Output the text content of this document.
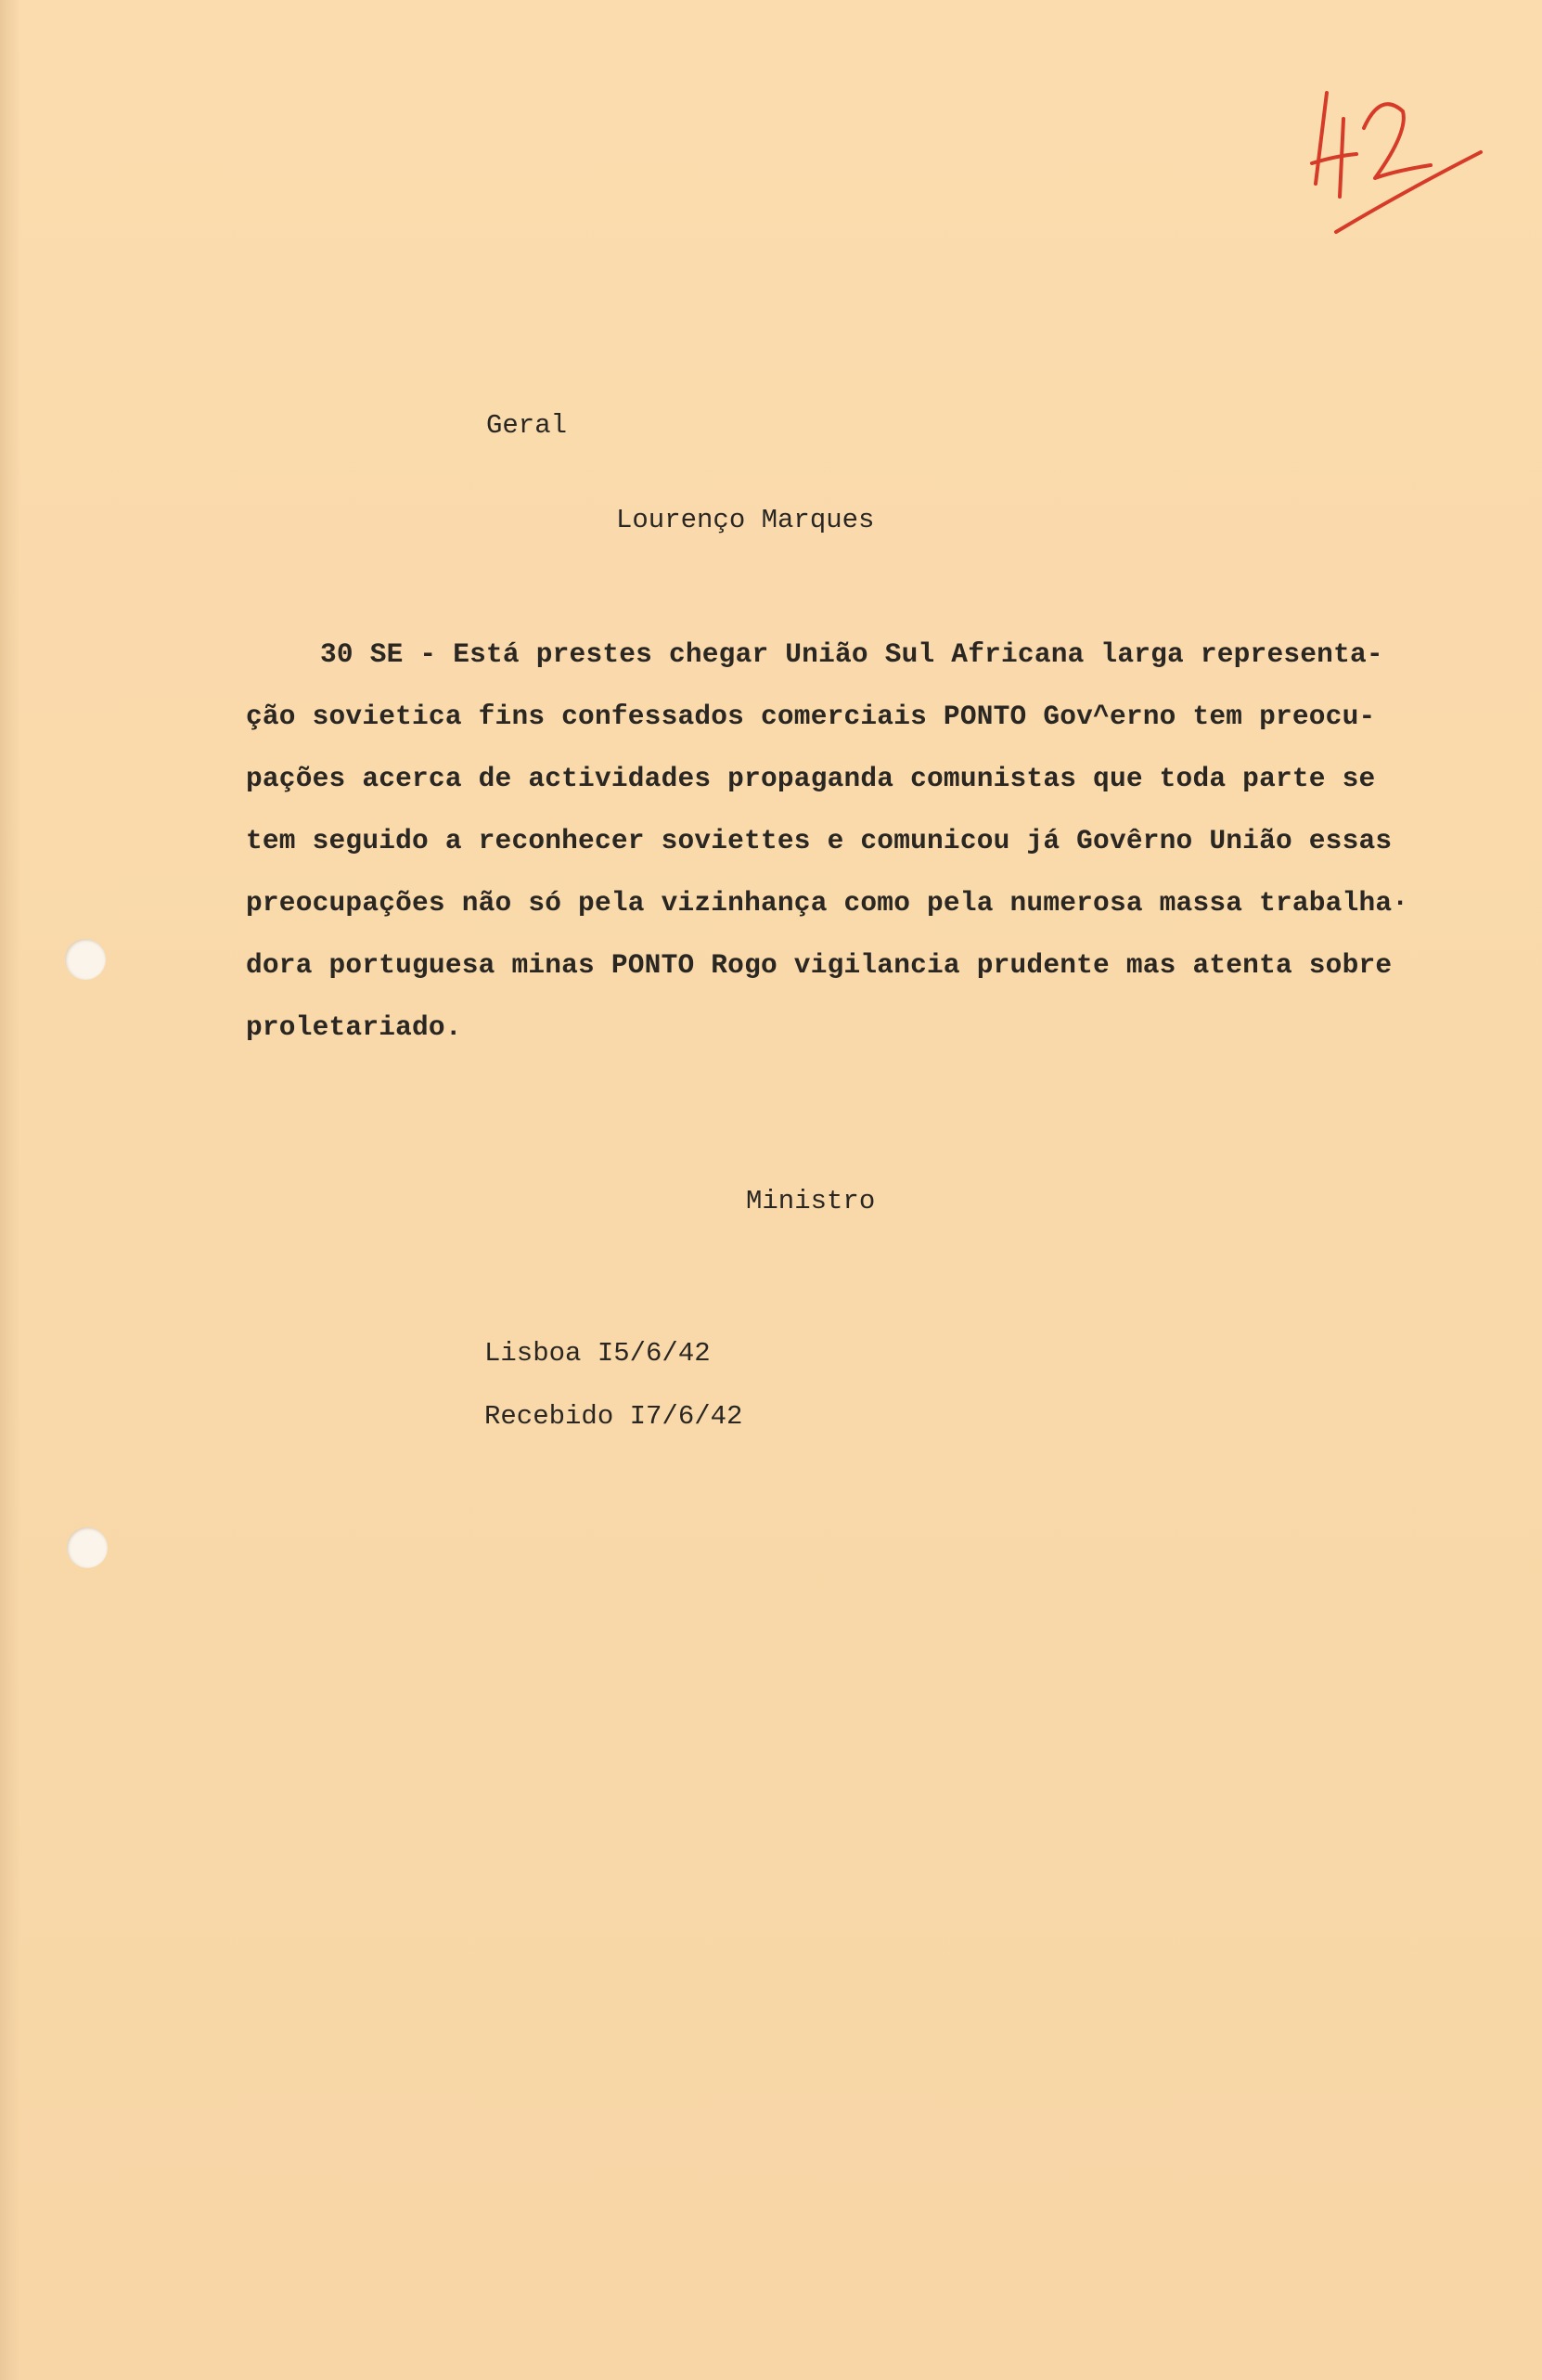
Geral
Lourenço Marques
30 SE - Está prestes chegar União Sul Africana larga representa-
ção sovietica fins confessados comerciais PONTO Gov^erno tem preocu-
pações acerca de actividades propaganda comunistas que toda parte se
tem seguido a reconhecer soviettes e comunicou já Govêrno União essas
preocupações não só pela vizinhança como pela numerosa massa trabalha·
dora portuguesa minas PONTO Rogo vigilancia prudente mas atenta sobre
proletariado.
Ministro
Lisboa I5/6/42
Recebido I7/6/42
